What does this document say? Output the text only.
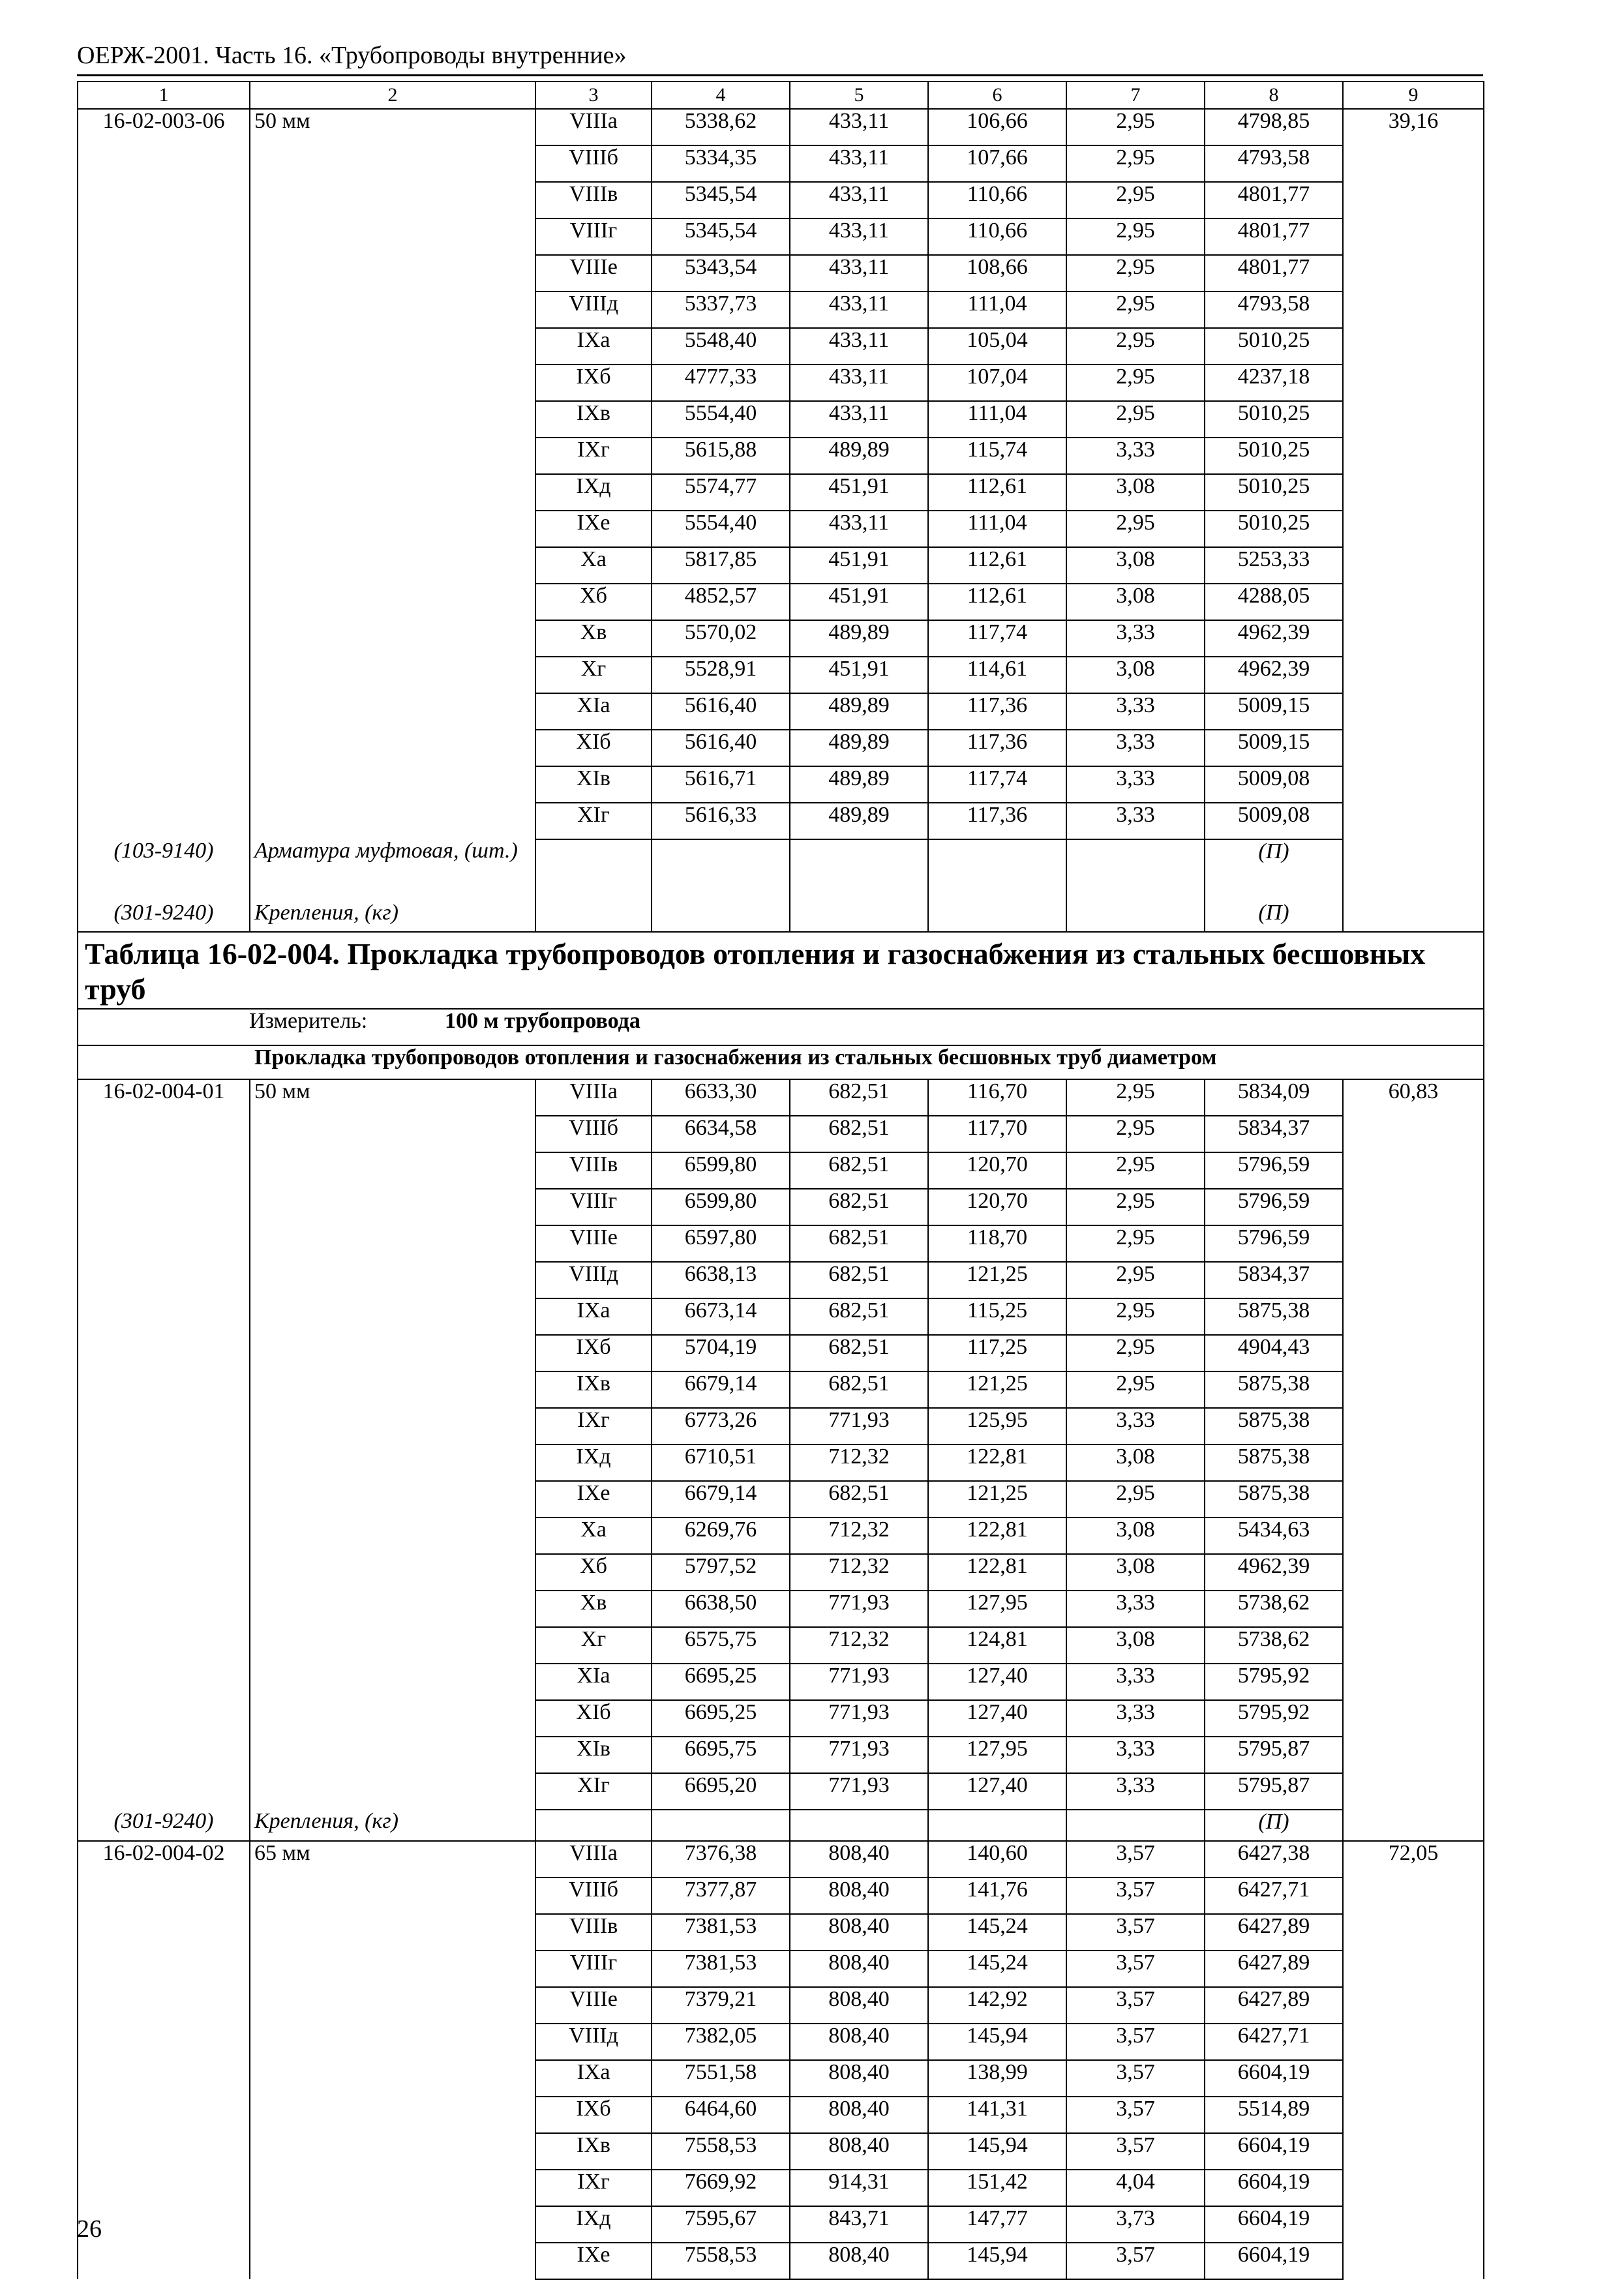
ОЕРЖ-2001. Часть 16. «Трубопроводы внутренние»
1	2	3	4	5	6	7	8	9
16-02-003-06	50 мм	VIIIа	5338,62	433,11	106,66	2,95	4798,85	39,16
		VIIIб	5334,35	433,11	107,66	2,95	4793,58	
		VIIIв	5345,54	433,11	110,66	2,95	4801,77	
		VIIIг	5345,54	433,11	110,66	2,95	4801,77	
		VIIIе	5343,54	433,11	108,66	2,95	4801,77	
		VIIIд	5337,73	433,11	111,04	2,95	4793,58	
		IXа	5548,40	433,11	105,04	2,95	5010,25	
		IXб	4777,33	433,11	107,04	2,95	4237,18	
		IXв	5554,40	433,11	111,04	2,95	5010,25	
		IXг	5615,88	489,89	115,74	3,33	5010,25	
		IXд	5574,77	451,91	112,61	3,08	5010,25	
		IXе	5554,40	433,11	111,04	2,95	5010,25	
		Xа	5817,85	451,91	112,61	3,08	5253,33	
		Xб	4852,57	451,91	112,61	3,08	4288,05	
		Xв	5570,02	489,89	117,74	3,33	4962,39	
		Xг	5528,91	451,91	114,61	3,08	4962,39	
		XIа	5616,40	489,89	117,36	3,33	5009,15	
		XIб	5616,40	489,89	117,36	3,33	5009,15	
		XIв	5616,71	489,89	117,74	3,33	5009,08	
		XIг	5616,33	489,89	117,36	3,33	5009,08	
(103-9140)	Арматура муфтовая, (шт.)						(П)	
(301-9240)	Крепления, (кг)						(П)	
Таблица 16-02-004. Прокладка трубопроводов отопления и газоснабжения из стальных бесшовных труб								
Измеритель: 100 м трубопровода								
Прокладка трубопроводов отопления и газоснабжения из стальных бесшовных труб диаметром								
16-02-004-01	50 мм	VIIIа	6633,30	682,51	116,70	2,95	5834,09	60,83
		VIIIб	6634,58	682,51	117,70	2,95	5834,37	
		VIIIв	6599,80	682,51	120,70	2,95	5796,59	
		VIIIг	6599,80	682,51	120,70	2,95	5796,59	
		VIIIе	6597,80	682,51	118,70	2,95	5796,59	
		VIIIд	6638,13	682,51	121,25	2,95	5834,37	
		IXа	6673,14	682,51	115,25	2,95	5875,38	
		IXб	5704,19	682,51	117,25	2,95	4904,43	
		IXв	6679,14	682,51	121,25	2,95	5875,38	
		IXг	6773,26	771,93	125,95	3,33	5875,38	
		IXд	6710,51	712,32	122,81	3,08	5875,38	
		IXе	6679,14	682,51	121,25	2,95	5875,38	
		Xа	6269,76	712,32	122,81	3,08	5434,63	
		Xб	5797,52	712,32	122,81	3,08	4962,39	
		Xв	6638,50	771,93	127,95	3,33	5738,62	
		Xг	6575,75	712,32	124,81	3,08	5738,62	
		XIа	6695,25	771,93	127,40	3,33	5795,92	
		XIб	6695,25	771,93	127,40	3,33	5795,92	
		XIв	6695,75	771,93	127,95	3,33	5795,87	
		XIг	6695,20	771,93	127,40	3,33	5795,87	
(301-9240)	Крепления, (кг)						(П)	
16-02-004-02	65 мм	VIIIа	7376,38	808,40	140,60	3,57	6427,38	72,05
		VIIIб	7377,87	808,40	141,76	3,57	6427,71	
		VIIIв	7381,53	808,40	145,24	3,57	6427,89	
		VIIIг	7381,53	808,40	145,24	3,57	6427,89	
		VIIIе	7379,21	808,40	142,92	3,57	6427,89	
		VIIIд	7382,05	808,40	145,94	3,57	6427,71	
		IXа	7551,58	808,40	138,99	3,57	6604,19	
		IXб	6464,60	808,40	141,31	3,57	5514,89	
		IXв	7558,53	808,40	145,94	3,57	6604,19	
		IXг	7669,92	914,31	151,42	4,04	6604,19	
		IXд	7595,67	843,71	147,77	3,73	6604,19	
		IXе	7558,53	808,40	145,94	3,57	6604,19	
26
